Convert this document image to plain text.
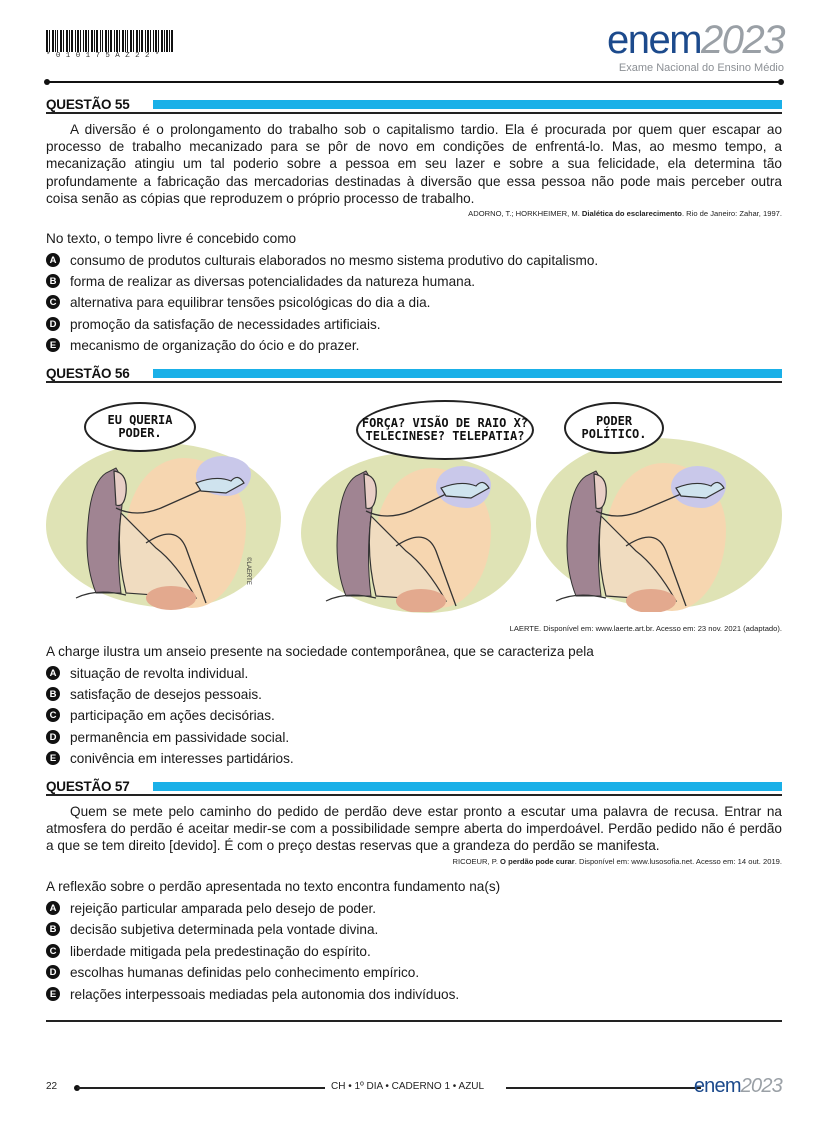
*010175AZ22*	enem2023
Exame Nacional do Ensino Médio
QUESTÃO 55
A diversão é o prolongamento do trabalho sob o capitalismo tardio. Ela é procurada por quem quer escapar ao processo de trabalho mecanizado para se pôr de novo em condições de enfrentá-lo. Mas, ao mesmo tempo, a mecanização atingiu um tal poderio sobre a pessoa em seu lazer e sobre a sua felicidade, ela determina tão profundamente a fabricação das mercadorias destinadas à diversão que essa pessoa não pode mais perceber outra coisa senão as cópias que reproduzem o próprio processo de trabalho.
ADORNO, T.; HORKHEIMER, M. Dialética do esclarecimento. Rio de Janeiro: Zahar, 1997.
No texto, o tempo livre é concebido como
A consumo de produtos culturais elaborados no mesmo sistema produtivo do capitalismo.
B forma de realizar as diversas potencialidades da natureza humana.
C alternativa para equilibrar tensões psicológicas do dia a dia.
D promoção da satisfação de necessidades artificiais.
E mecanismo de organização do ócio e do prazer.
QUESTÃO 56
EU QUERIA PODER.
©LAERTE
FORÇA? VISÃO DE RAIO X? TELECINESE? TELEPATIA?
PODER POLÍTICO.
LAERTE. Disponível em: www.laerte.art.br. Acesso em: 23 nov. 2021 (adaptado).
A charge ilustra um anseio presente na sociedade contemporânea, que se caracteriza pela
A situação de revolta individual.
B satisfação de desejos pessoais.
C participação em ações decisórias.
D permanência em passividade social.
E conivência em interesses partidários.
QUESTÃO 57
Quem se mete pelo caminho do pedido de perdão deve estar pronto a escutar uma palavra de recusa. Entrar na atmosfera do perdão é aceitar medir-se com a possibilidade sempre aberta do imperdoável. Perdão pedido não é perdão a que se tem direito [devido]. É com o preço destas reservas que a grandeza do perdão se manifesta.
RICOEUR, P. O perdão pode curar. Disponível em: www.lusosofia.net. Acesso em: 14 out. 2019.
A reflexão sobre o perdão apresentada no texto encontra fundamento na(s)
A rejeição particular amparada pelo desejo de poder.
B decisão subjetiva determinada pela vontade divina.
C liberdade mitigada pela predestinação do espírito.
D escolhas humanas definidas pelo conhecimento empírico.
E relações interpessoais mediadas pela autonomia dos indivíduos.
22	CH • 1º DIA • CADERNO 1 • AZUL	enem2023
